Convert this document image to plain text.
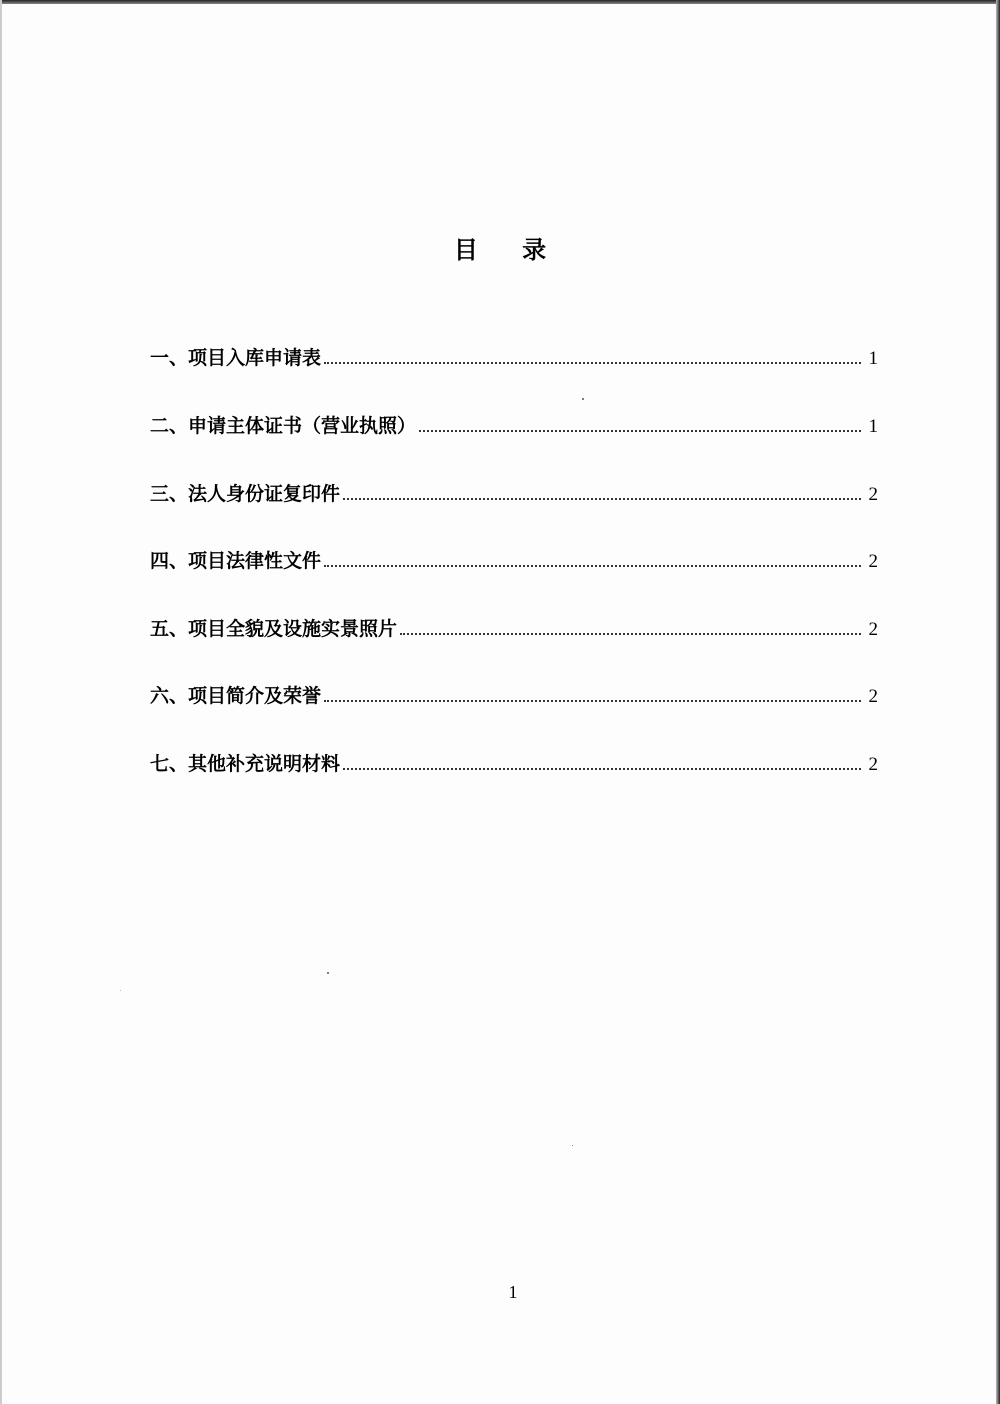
目 录
一、 项目入库申请表	1
二、 申请主体证书（营业执照）	1
三、 法人身份证复印件	2
四、 项目法律性文件	2
五、 项目全貌及设施实景照片	2
六、 项目简介及荣誉	2
七、 其他补充说明材料	2
1
